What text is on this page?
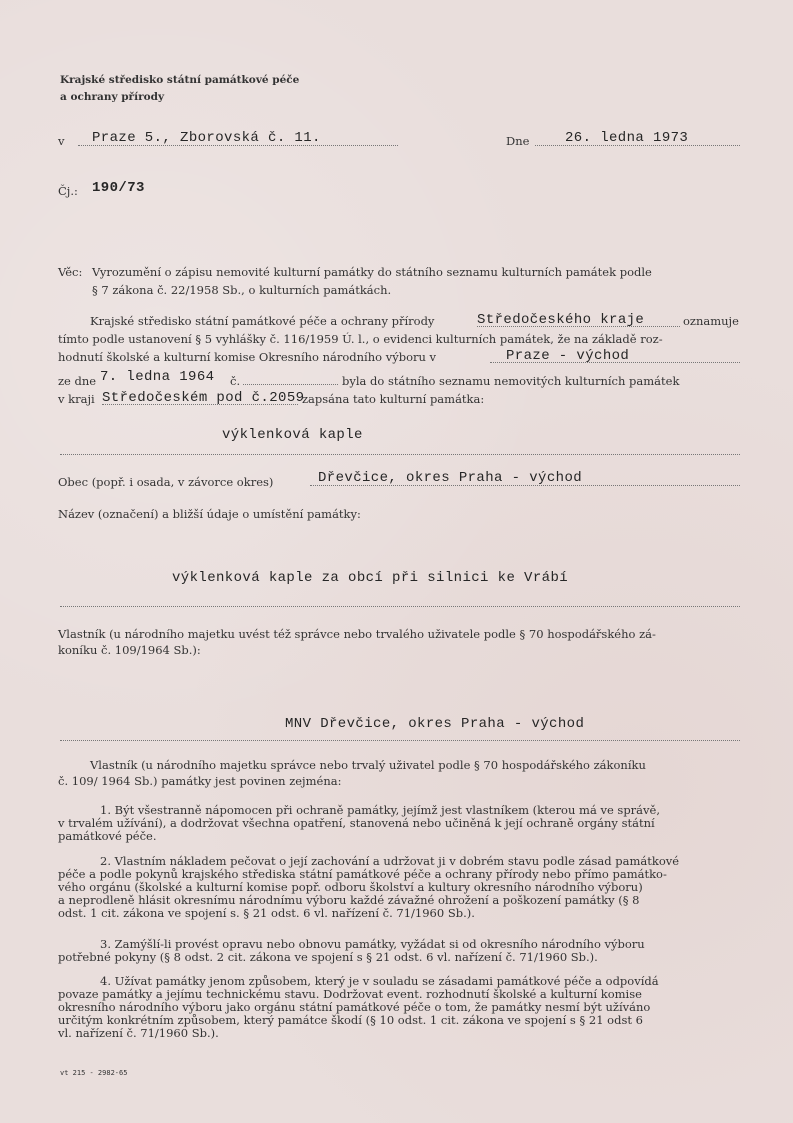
Krajské středisko státní památkové péče
a ochrany přírody
v	Praze 5., Zborovská č. 11.	Dne	26. ledna 1973
Čj.: 190/73
Věc: Vyrozumění o zápisu nemovité kulturní památky do státního seznamu kulturních památek podle
§ 7 zákona č. 22/1958 Sb., o kulturních památkách.
Krajské středisko státní památkové péče a ochrany přírody	Středočeského kraje	oznamuje
tímto podle ustanovení § 5 vyhlášky č. 116/1959 Ú. l., o evidenci kulturních památek, že na základě roz-
hodnutí školské a kulturní komise Okresního národního výboru v	Praze - východ
ze dne 7. ledna 1964 č.	byla do státního seznamu nemovitých kulturních památek
v kraji Středočeském pod č.2059
zapsána tato kulturní památka:
výklenková kaple
Obec (popř. i osada, v závorce okres)	Dřevčice, okres Praha - východ
Název (označení) a bližší údaje o umístění památky:
výklenková kaple za obcí při silnici ke Vrábí
Vlastník (u národního majetku uvést též správce nebo trvalého uživatele podle § 70 hospodářského zá-
koníku č. 109/1964 Sb.):
MNV Dřevčice, okres Praha - východ
Vlastník (u národního majetku správce nebo trvalý uživatel podle § 70 hospodářského zákoníku
č. 109/ 1964 Sb.) památky jest povinen zejména:
1. Být všestranně nápomocen při ochraně památky, jejímž jest vlastníkem (kterou má ve správě,
v trvalém užívání), a dodržovat všechna opatření, stanovená nebo učiněná k její ochraně orgány státní
památkové péče.
2. Vlastním nákladem pečovat o její zachování a udržovat ji v dobrém stavu podle zásad památkové
péče a podle pokynů krajského střediska státní památkové péče a ochrany přírody nebo přímo památko-
vého orgánu (školské a kulturní komise popř. odboru školství a kultury okresního národního výboru)
a neprodleně hlásit okresnímu národnímu výboru každé závažné ohrožení a poškození památky (§ 8
odst. 1 cit. zákona ve spojení s. § 21 odst. 6 vl. nařízení č. 71/1960 Sb.).
3. Zamýšlí-li provést opravu nebo obnovu památky, vyžádat si od okresního národního výboru
potřebné pokyny (§ 8 odst. 2 cit. zákona ve spojení s § 21 odst. 6 vl. nařízení č. 71/1960 Sb.).
4. Užívat památky jenom způsobem, který je v souladu se zásadami památkové péče a odpovídá
povaze památky a jejímu technickému stavu. Dodržovat event. rozhodnutí školské a kulturní komise
okresního národního výboru jako orgánu státní památkové péče o tom, že památky nesmí být užíváno
určitým konkrétním způsobem, který památce škodí (§ 10 odst. 1 cit. zákona ve spojení s § 21 odst 6
vl. nařízení č. 71/1960 Sb.).
vt 215 - 2982-65
